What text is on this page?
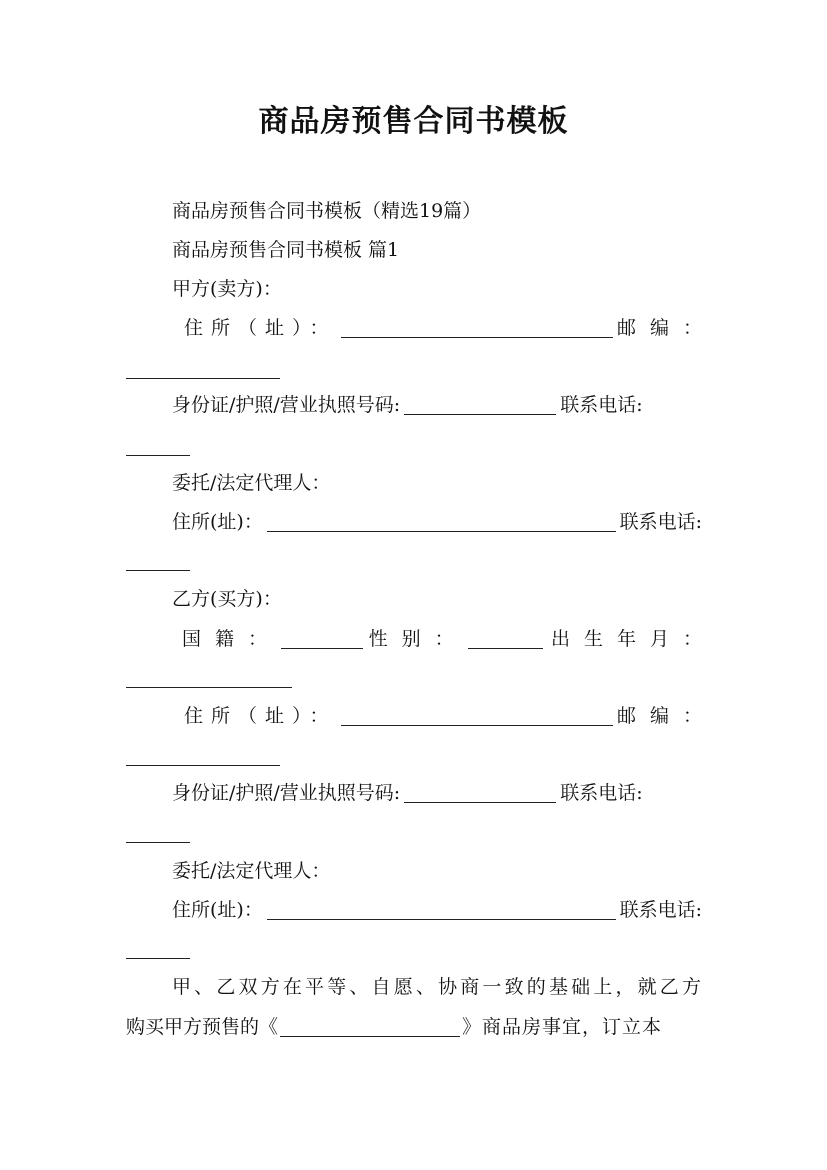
商品房预售合同书模板
商品房预售合同书模板（精选19篇）
商品房预售合同书模板 篇1
甲方(卖方)：
住所（址）：	邮编：
身份证/护照/营业执照号码:	联系电话:
委托/法定代理人：
住所(址)：	联系电话:
乙方(买方)：
国籍：	性别：	出生年月：
住所（址）：	邮编：
身份证/护照/营业执照号码:	联系电话:
委托/法定代理人：
住所(址)：	联系电话:
甲、乙双方在平等、自愿、协商一致的基础上，就乙方
购买甲方预售的《	》商品房事宜，订立本
